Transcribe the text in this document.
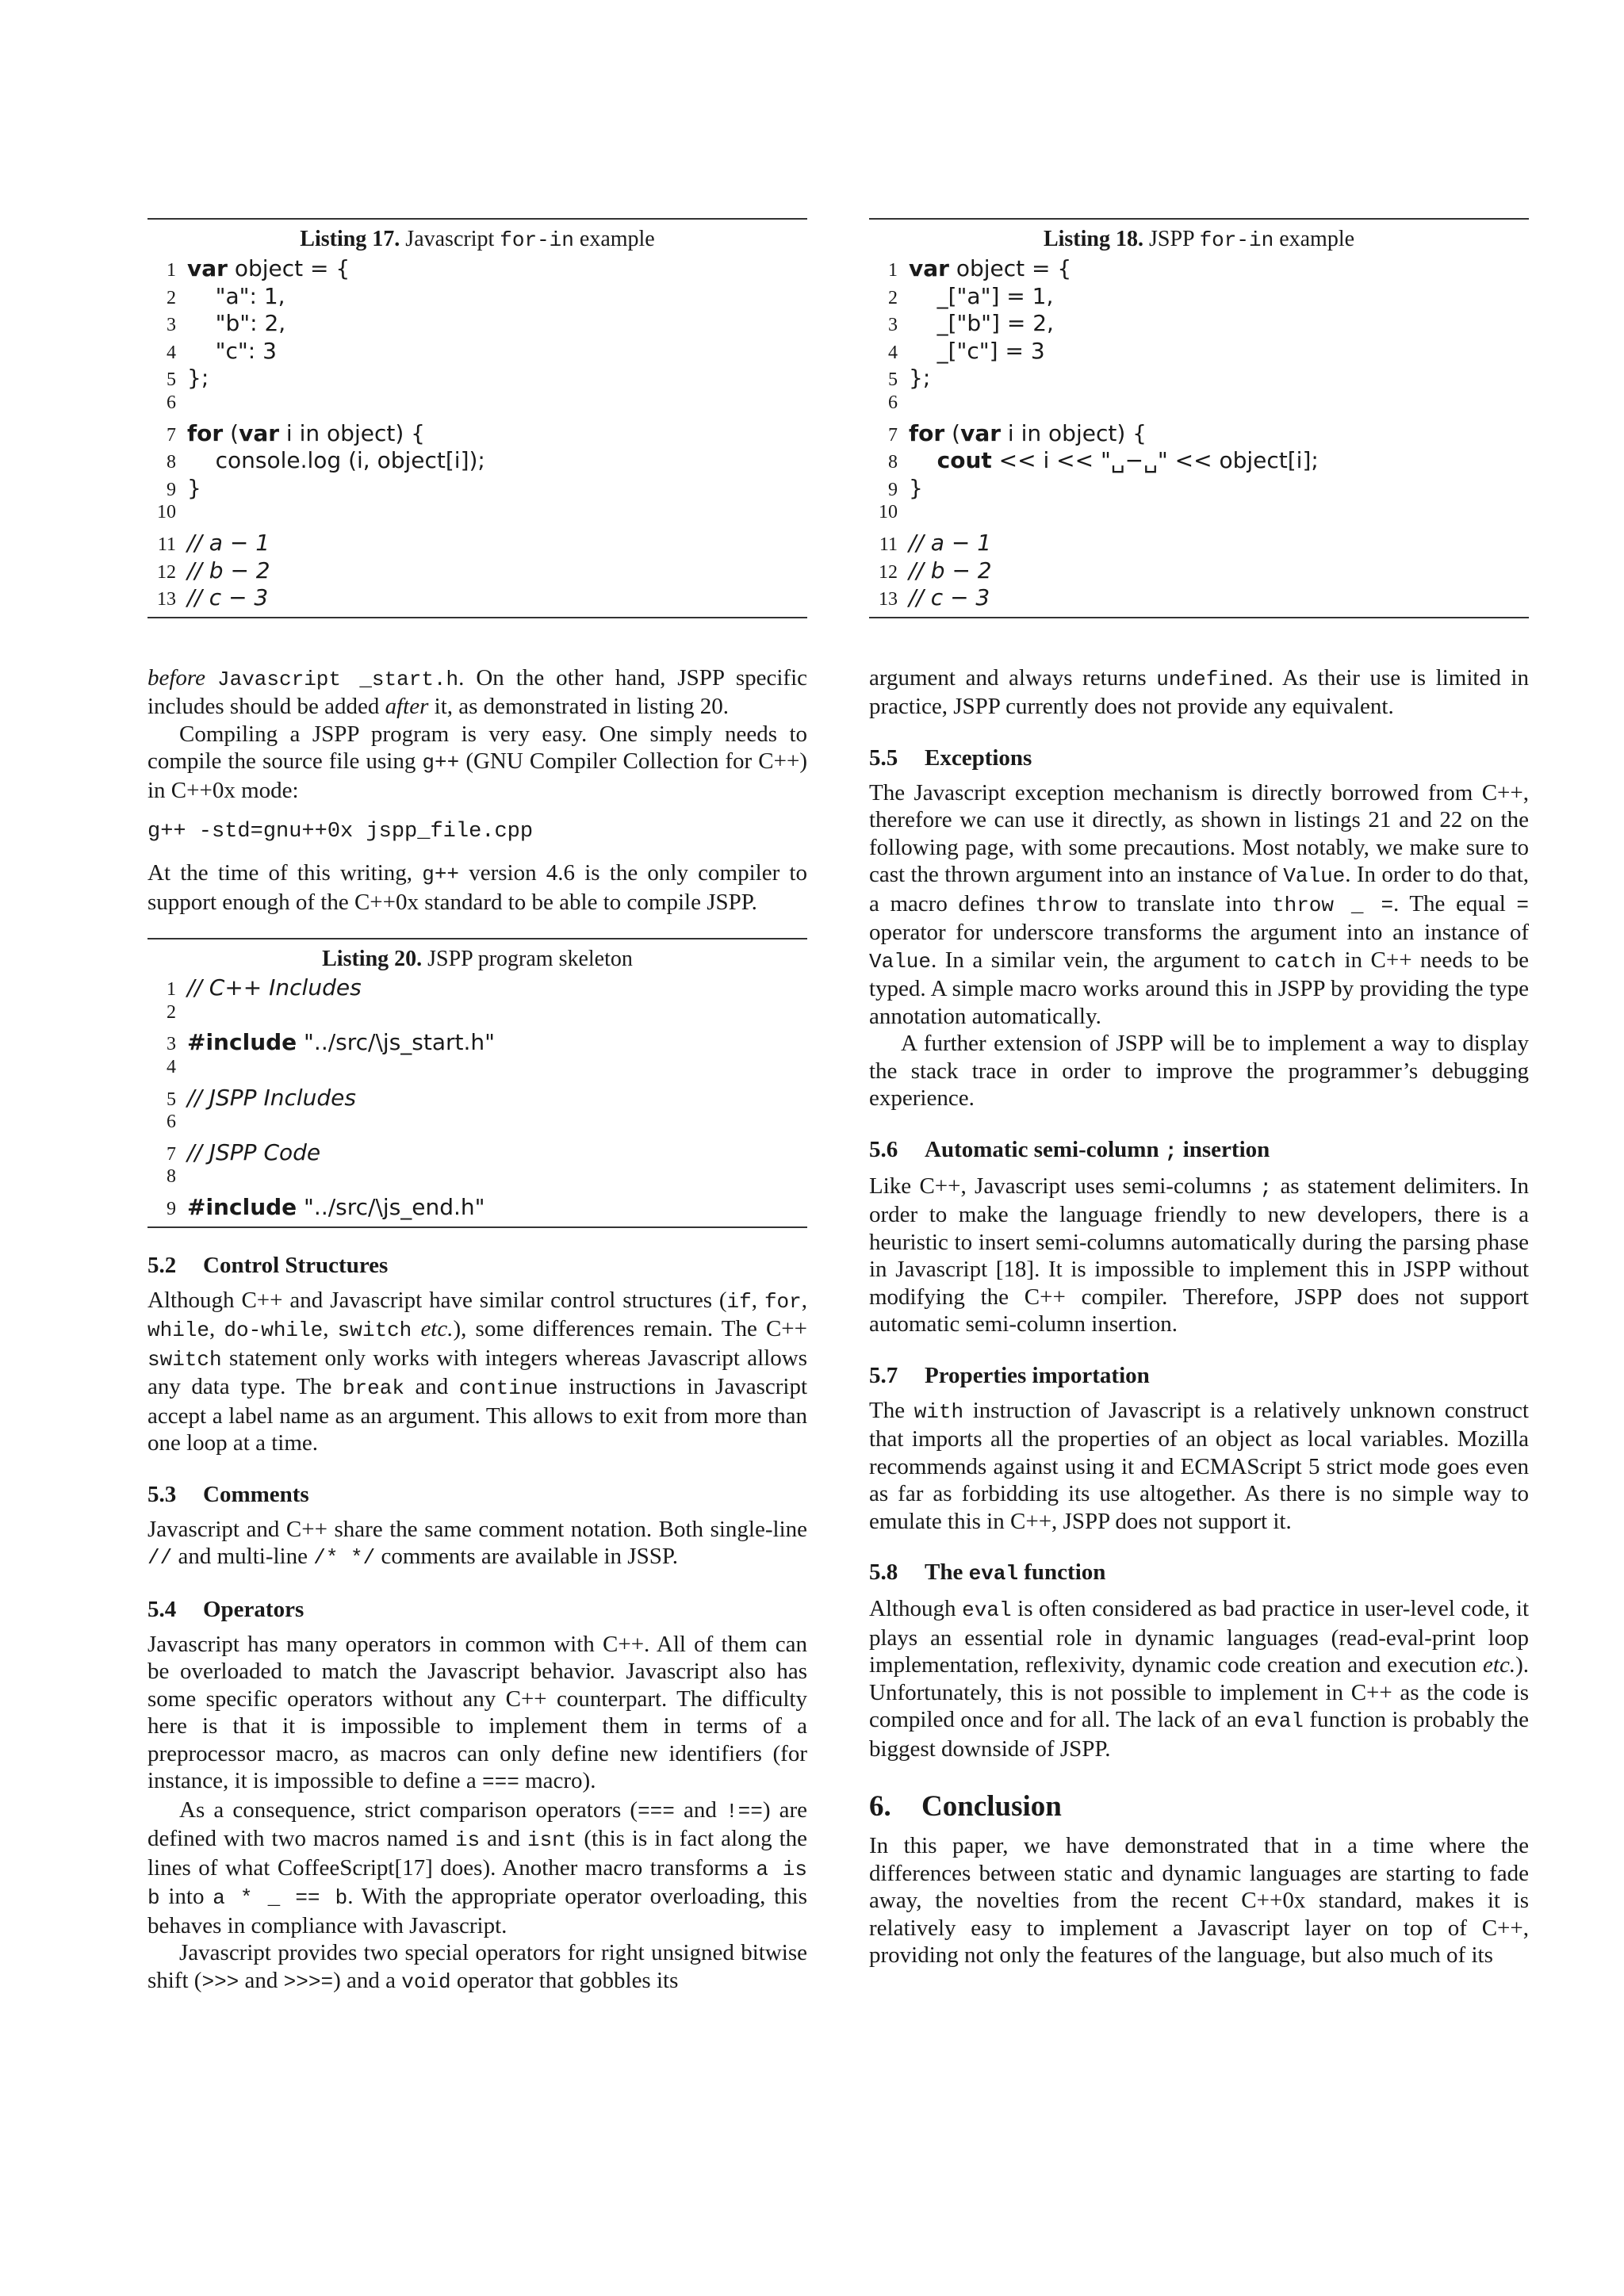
Listing 17. Javascript for-in example
1 var object = {
2 "a": 1,
3 "b": 2,
4 "c": 3
5 };
6
7 for (var i in object) {
8 console.log (i, object[i]);
9 }
10
11 // a − 1
12 // b − 2
13 // c − 3

before Javascript _start.h. On the other hand, JSPP specific includes should be added after it, as demonstrated in listing 20.

Compiling a JSPP program is very easy. One simply needs to compile the source file using g++ (GNU Compiler Collection for C++) in C++0x mode:

g++ -std=gnu++0x jspp_file.cpp

At the time of this writing, g++ version 4.6 is the only compiler to support enough of the C++0x standard to be able to compile JSPP.

Listing 20. JSPP program skeleton
1 // C++ Includes
2
3 #include "../src/\js_start.h"
4
5 // JSPP Includes
6
7 // JSPP Code
8
9 #include "../src/\js_end.h"
5.2 Control Structures

Although C++ and Javascript have similar control structures (if, for, while, do-while, switch etc.), some differences remain. The C++ switch statement only works with integers whereas Javascript allows any data type. The break and continue instructions in Javascript accept a label name as an argument. This allows to exit from more than one loop at a time.

5.3 Comments

Javascript and C++ share the same comment notation. Both single-line // and multi-line /* */ comments are available in JSSP.

5.4 Operators

Javascript has many operators in common with C++. All of them can be overloaded to match the Javascript behavior. Javascript also has some specific operators without any C++ counterpart. The difficulty here is that it is impossible to implement them in terms of a preprocessor macro, as macros can only define new identifiers (for instance, it is impossible to define a === macro).

As a consequence, strict comparison operators (=== and !==) are defined with two macros named is and isnt (this is in fact along the lines of what CoffeeScript[17] does). Another macro transforms a is b into a * _ == b. With the appropriate operator overloading, this behaves in compliance with Javascript.

Javascript provides two special operators for right unsigned bitwise shift (>>> and >>>=) and a void operator that gobbles its

Listing 18. JSPP for-in example
1 var object = {
2 _["a"] = 1,
3 _["b"] = 2,
4 _["c"] = 3
5 };
6
7 for (var i in object) {
8	cout << i << "␣−␣" << object[i];
9 }
10
11 // a − 1
12 // b − 2
13 // c − 3

argument and always returns undefined. As their use is limited in practice, JSPP currently does not provide any equivalent.

5.5 Exceptions

The Javascript exception mechanism is directly borrowed from C++, therefore we can use it directly, as shown in listings 21 and 22 on the following page, with some precautions. Most notably, we make sure to cast the thrown argument into an instance of Value. In order to do that, a macro defines throw to translate into throw _ =. The equal = operator for underscore transforms the argument into an instance of Value. In a similar vein, the argument to catch in C++ needs to be typed. A simple macro works around this in JSPP by providing the type annotation automatically.

A further extension of JSPP will be to implement a way to display the stack trace in order to improve the programmer’s debugging experience.

5.6 Automatic semi-column ; insertion

Like C++, Javascript uses semi-columns ; as statement delimiters. In order to make the language friendly to new developers, there is a heuristic to insert semi-columns automatically during the parsing phase in Javascript [18]. It is impossible to implement this in JSPP without modifying the C++ compiler. Therefore, JSPP does not support automatic semi-column insertion.

5.7 Properties importation

The with instruction of Javascript is a relatively unknown construct that imports all the properties of an object as local variables. Mozilla recommends against using it and ECMAScript 5 strict mode goes even as far as forbidding its use altogether. As there is no simple way to emulate this in C++, JSPP does not support it.

5.8 The eval function

Although eval is often considered as bad practice in user-level code, it plays an essential role in dynamic languages (read-eval-print loop implementation, reflexivity, dynamic code creation and execution etc.). Unfortunately, this is not possible to implement in C++ as the code is compiled once and for all. The lack of an eval function is probably the biggest downside of JSPP.

6. Conclusion

In this paper, we have demonstrated that in a time where the differences between static and dynamic languages are starting to fade away, the novelties from the recent C++0x standard, makes it is relatively easy to implement a Javascript layer on top of C++, providing not only the features of the language, but also much of its
